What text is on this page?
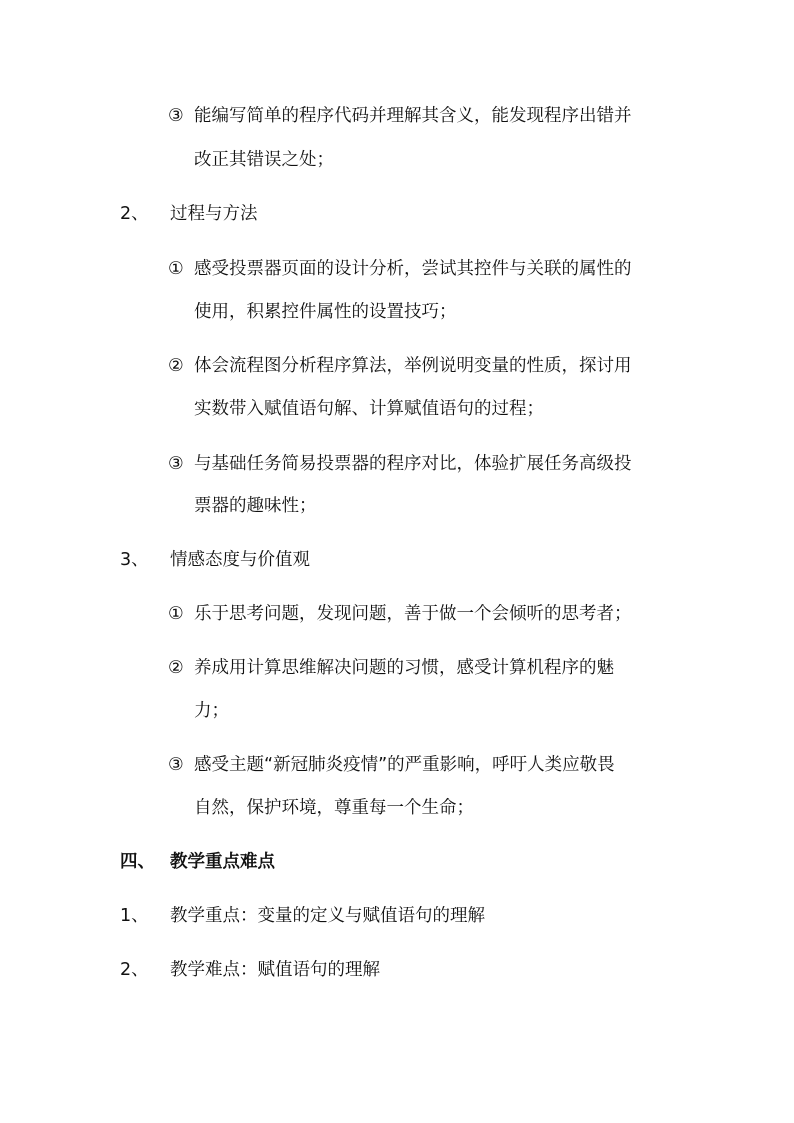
③ 能编写简单的程序代码并理解其含义，能发现程序出错并
改正其错误之处；
2、 过程与方法
① 感受投票器页面的设计分析，尝试其控件与关联的属性的
使用，积累控件属性的设置技巧；
② 体会流程图分析程序算法，举例说明变量的性质，探讨用
实数带入赋值语句解、计算赋值语句的过程；
③ 与基础任务简易投票器的程序对比，体验扩展任务高级投
票器的趣味性；
3、 情感态度与价值观
① 乐于思考问题，发现问题，善于做一个会倾听的思考者；
② 养成用计算思维解决问题的习惯，感受计算机程序的魅
力；
③ 感受主题“新冠肺炎疫情”的严重影响，呼吁人类应敬畏
自然，保护环境，尊重每一个生命；
四、 教学重点难点
1、 教学重点：变量的定义与赋值语句的理解
2、 教学难点：赋值语句的理解
